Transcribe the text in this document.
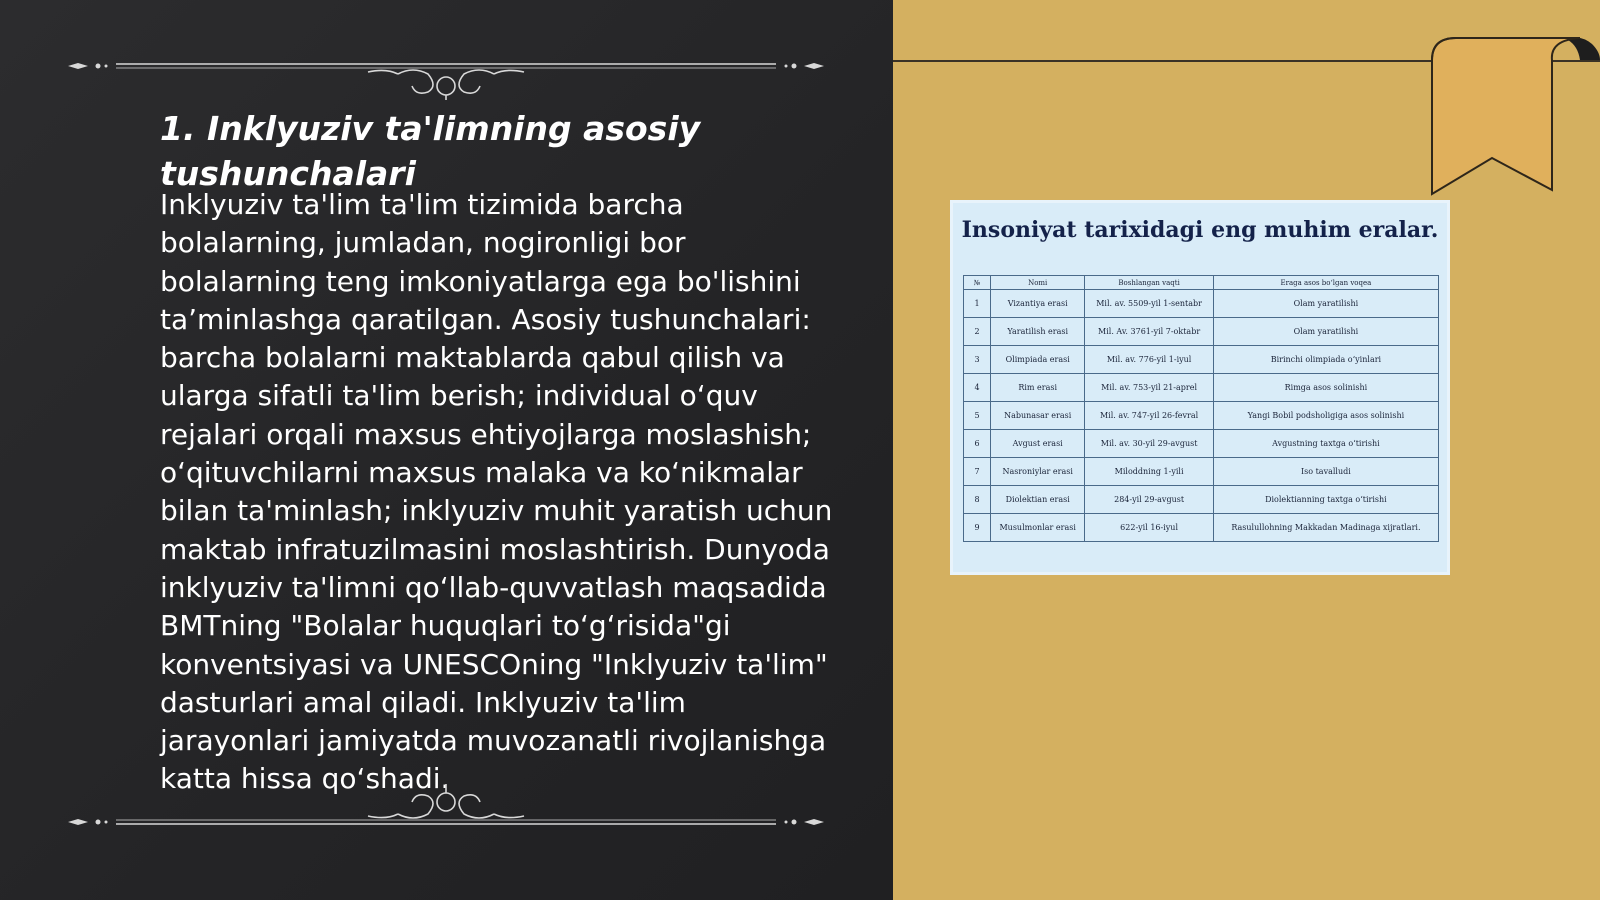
1. Inklyuziv ta'limning asosiy tushunchalari

Inklyuziv ta'lim ta'lim tizimida barcha bolalarning, jumladan, nogironligi bor bolalarning teng imkoniyatlarga ega bo'lishini ta’minlashga qaratilgan. Asosiy tushunchalari: barcha bolalarni maktablarda qabul qilish va ularga sifatli ta'lim berish; individual o‘quv rejalari orqali maxsus ehtiyojlarga moslashish; o‘qituvchilarni maxsus malaka va ko‘nikmalar bilan ta'minlash; inklyuziv muhit yaratish uchun maktab infratuzilmasini moslashtirish. Dunyoda inklyuziv ta'limni qo‘llab-quvvatlash maqsadida BMTning "Bolalar huquqlari to‘g‘risida"gi konventsiyasi va UNESCOning "Inklyuziv ta'lim" dasturlari amal qiladi. Inklyuziv ta'lim jarayonlari jamiyatda muvozanatli rivojlanishga katta hissa qo‘shadi.

Insoniyat tarixidagi eng muhim eralar.
№	Nomi	Boshlangan vaqti	Eraga asos bo‘lgan voqea
1	Vizantiya erasi	Mil. av. 5509-yil 1-sentabr	Olam yaratilishi
2	Yaratilish erasi	Mil. Av. 3761-yil 7-oktabr	Olam yaratilishi
3	Olimpiada erasi	Mil. av. 776-yil 1-iyul	Birinchi olimpiada o‘yinlari
4	Rim erasi	Mil. av. 753-yil 21-aprel	Rimga asos solinishi
5	Nabunasar erasi	Mil. av. 747-yil 26-fevral	Yangi Bobil podsholigiga asos solinishi
6	Avgust erasi	Mil. av. 30-yil 29-avgust	Avgustning taxtga o‘tirishi
7	Nasroniylar erasi	Miloddning 1-yili	Iso tavalludi
8	Diolektian erasi	284-yil 29-avgust	Diolektianning taxtga o‘tirishi
9	Musulmonlar erasi	622-yil 16-iyul	Rasulullohning Makkadan Madinaga xijratlari.
